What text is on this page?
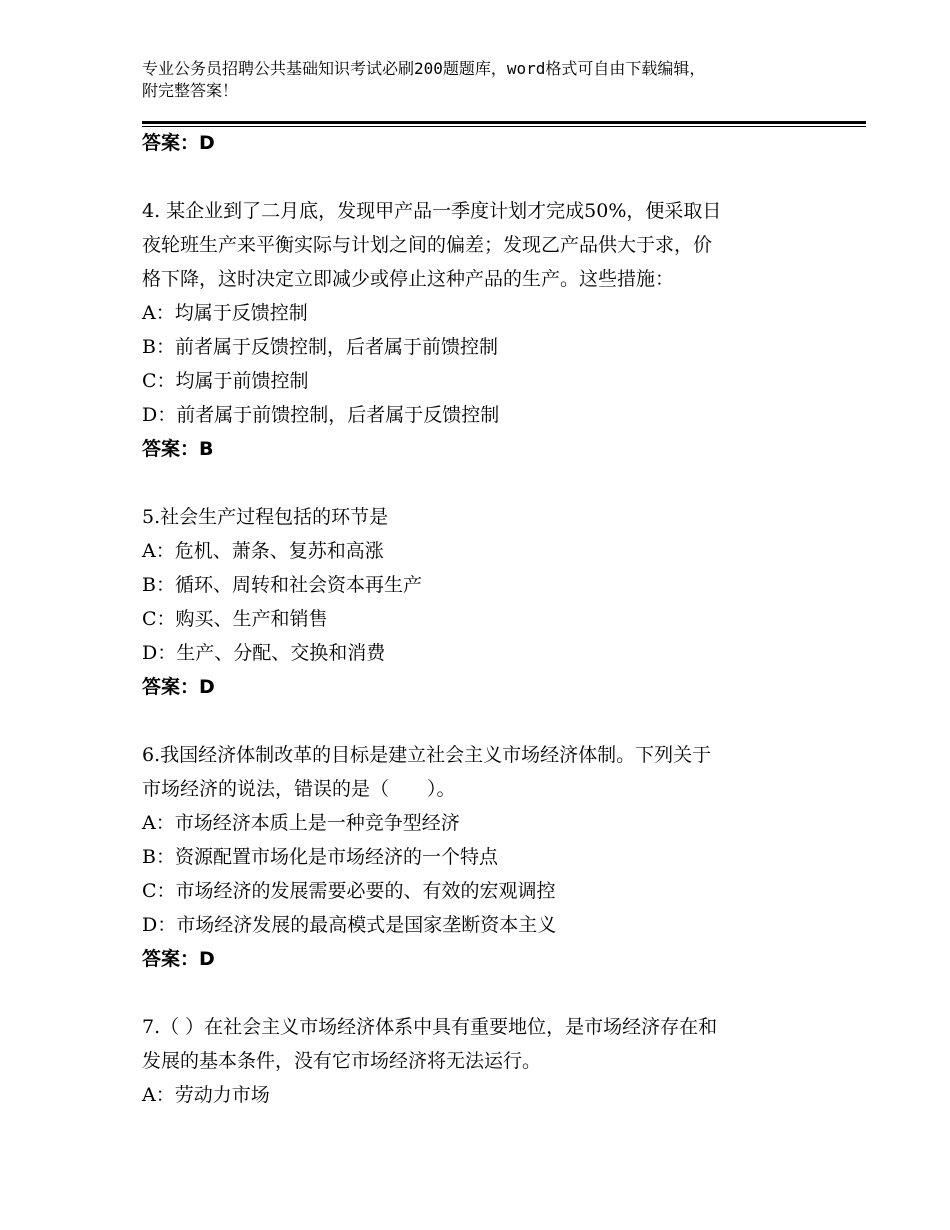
专业公务员招聘公共基础知识考试必刷200题题库，word格式可自由下载编辑，
附完整答案！
答案：D
4. 某企业到了二月底，发现甲产品一季度计划才完成50%，便采取日
夜轮班生产来平衡实际与计划之间的偏差；发现乙产品供大于求，价
格下降，这时决定立即减少或停止这种产品的生产。这些措施：
A：均属于反馈控制
B：前者属于反馈控制，后者属于前馈控制
C：均属于前馈控制
D：前者属于前馈控制，后者属于反馈控制
答案：B
5.社会生产过程包括的环节是
A：危机、萧条、复苏和高涨
B：循环、周转和社会资本再生产
C：购买、生产和销售
D：生产、分配、交换和消费
答案：D
6.我国经济体制改革的目标是建立社会主义市场经济体制。下列关于
市场经济的说法，错误的是（　　）。
A：市场经济本质上是一种竞争型经济
B：资源配置市场化是市场经济的一个特点
C：市场经济的发展需要必要的、有效的宏观调控
D：市场经济发展的最高模式是国家垄断资本主义
答案：D
7.（ ）在社会主义市场经济体系中具有重要地位，是市场经济存在和
发展的基本条件，没有它市场经济将无法运行。
A：劳动力市场
